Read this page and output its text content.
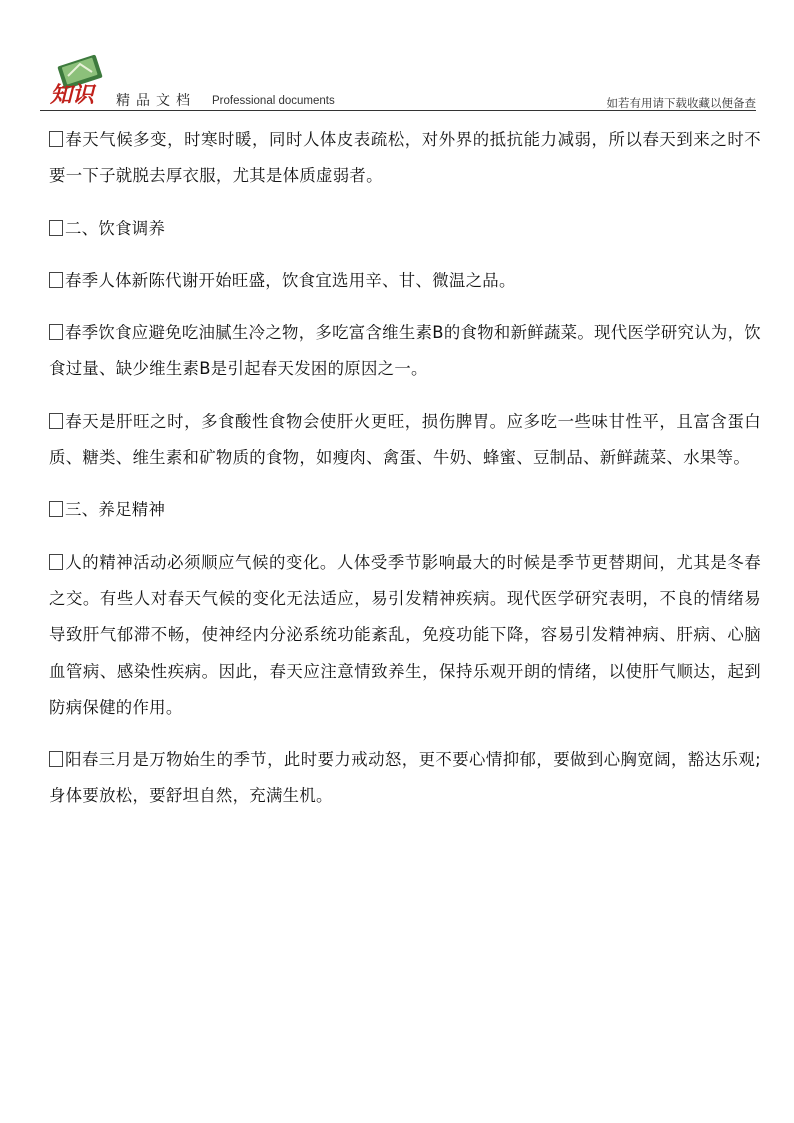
知识 精品文档 Professional documents	如若有用请下载收藏以便备查

春天气候多变，时寒时暖，同时人体皮表疏松，对外界的抵抗能力减弱，所以春天到来之时不要一下子就脱去厚衣服，尤其是体质虚弱者。

二、饮食调养

春季人体新陈代谢开始旺盛，饮食宜选用辛、甘、微温之品。

春季饮食应避免吃油腻生冷之物，多吃富含维生素B的食物和新鲜蔬菜。现代医学研究认为，饮食过量、缺少维生素B是引起春天发困的原因之一。

春天是肝旺之时，多食酸性食物会使肝火更旺，损伤脾胃。应多吃一些味甘性平，且富含蛋白质、糖类、维生素和矿物质的食物，如瘦肉、禽蛋、牛奶、蜂蜜、豆制品、新鲜蔬菜、水果等。

三、养足精神

人的精神活动必须顺应气候的变化。人体受季节影响最大的时候是季节更替期间，尤其是冬春之交。有些人对春天气候的变化无法适应，易引发精神疾病。现代医学研究表明，不良的情绪易导致肝气郁滞不畅，使神经内分泌系统功能紊乱，免疫功能下降，容易引发精神病、肝病、心脑血管病、感染性疾病。因此，春天应注意情致养生，保持乐观开朗的情绪，以使肝气顺达，起到防病保健的作用。

阳春三月是万物始生的季节，此时要力戒动怒，更不要心情抑郁，要做到心胸宽阔，豁达乐观;身体要放松，要舒坦自然，充满生机。
